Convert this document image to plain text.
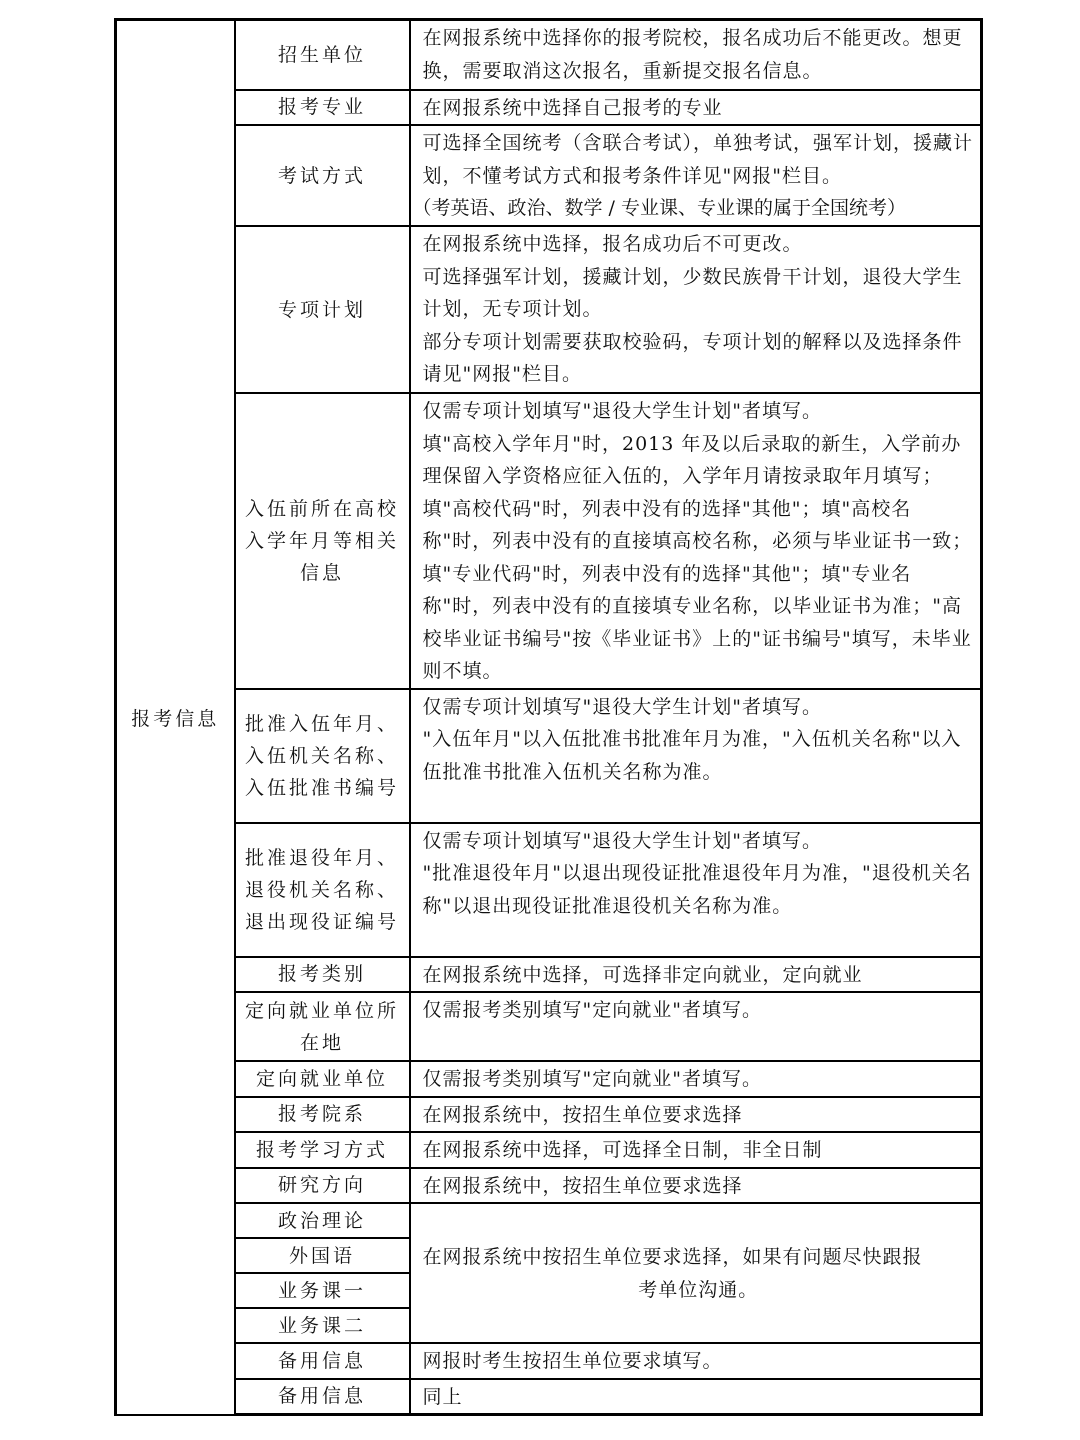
报考信息	招生单位	在网报系统中选择你的报考院校，报名成功后不能更改。想更换，需要取消这次报名，重新提交报名信息。

	报考专业	在网报系统中选择自己报考的专业

	考试方式	可选择全国统考（含联合考试），单独考试，强军计划，援藏计划，不懂考试方式和报考条件详见"网报"栏目。
（考英语、政治、数学 / 专业课、专业课的属于全国统考）

	专项计划	在网报系统中选择，报名成功后不可更改。
可选择强军计划，援藏计划，少数民族骨干计划，退役大学生计划，无专项计划。
部分专项计划需要获取校验码，专项计划的解释以及选择条件请见"网报"栏目。

	入伍前所在高校入学年月等相关信息	仅需专项计划填写"退役大学生计划"者填写。
填"高校入学年月"时，2013 年及以后录取的新生，入学前办理保留入学资格应征入伍的，入学年月请按录取年月填写；填"高校代码"时，列表中没有的选择"其他"；填"高校名称"时，列表中没有的直接填高校名称，必须与毕业证书一致；填"专业代码"时，列表中没有的选择"其他"；填"专业名称"时，列表中没有的直接填专业名称，以毕业证书为准；"高校毕业证书编号"按《毕业证书》上的"证书编号"填写，未毕业则不填。

	批准入伍年月、入伍机关名称、入伍批准书编号	仅需专项计划填写"退役大学生计划"者填写。
"入伍年月"以入伍批准书批准年月为准，"入伍机关名称"以入伍批准书批准入伍机关名称为准。

	批准退役年月、退役机关名称、退出现役证编号	仅需专项计划填写"退役大学生计划"者填写。
"批准退役年月"以退出现役证批准退役年月为准，"退役机关名称"以退出现役证批准退役机关名称为准。

	报考类别	在网报系统中选择，可选择非定向就业，定向就业

	定向就业单位所在地	仅需报考类别填写"定向就业"者填写。

	定向就业单位	仅需报考类别填写"定向就业"者填写。

	报考院系	在网报系统中，按招生单位要求选择

	报考学习方式	在网报系统中选择，可选择全日制，非全日制

	研究方向	在网报系统中，按招生单位要求选择

	政治理论	在网报系统中按招生单位要求选择，如果有问题尽快跟报
考单位沟通。

	外国语	
	业务课一	
	业务课二	
	备用信息	网报时考生按招生单位要求填写。
	备用信息	同上
